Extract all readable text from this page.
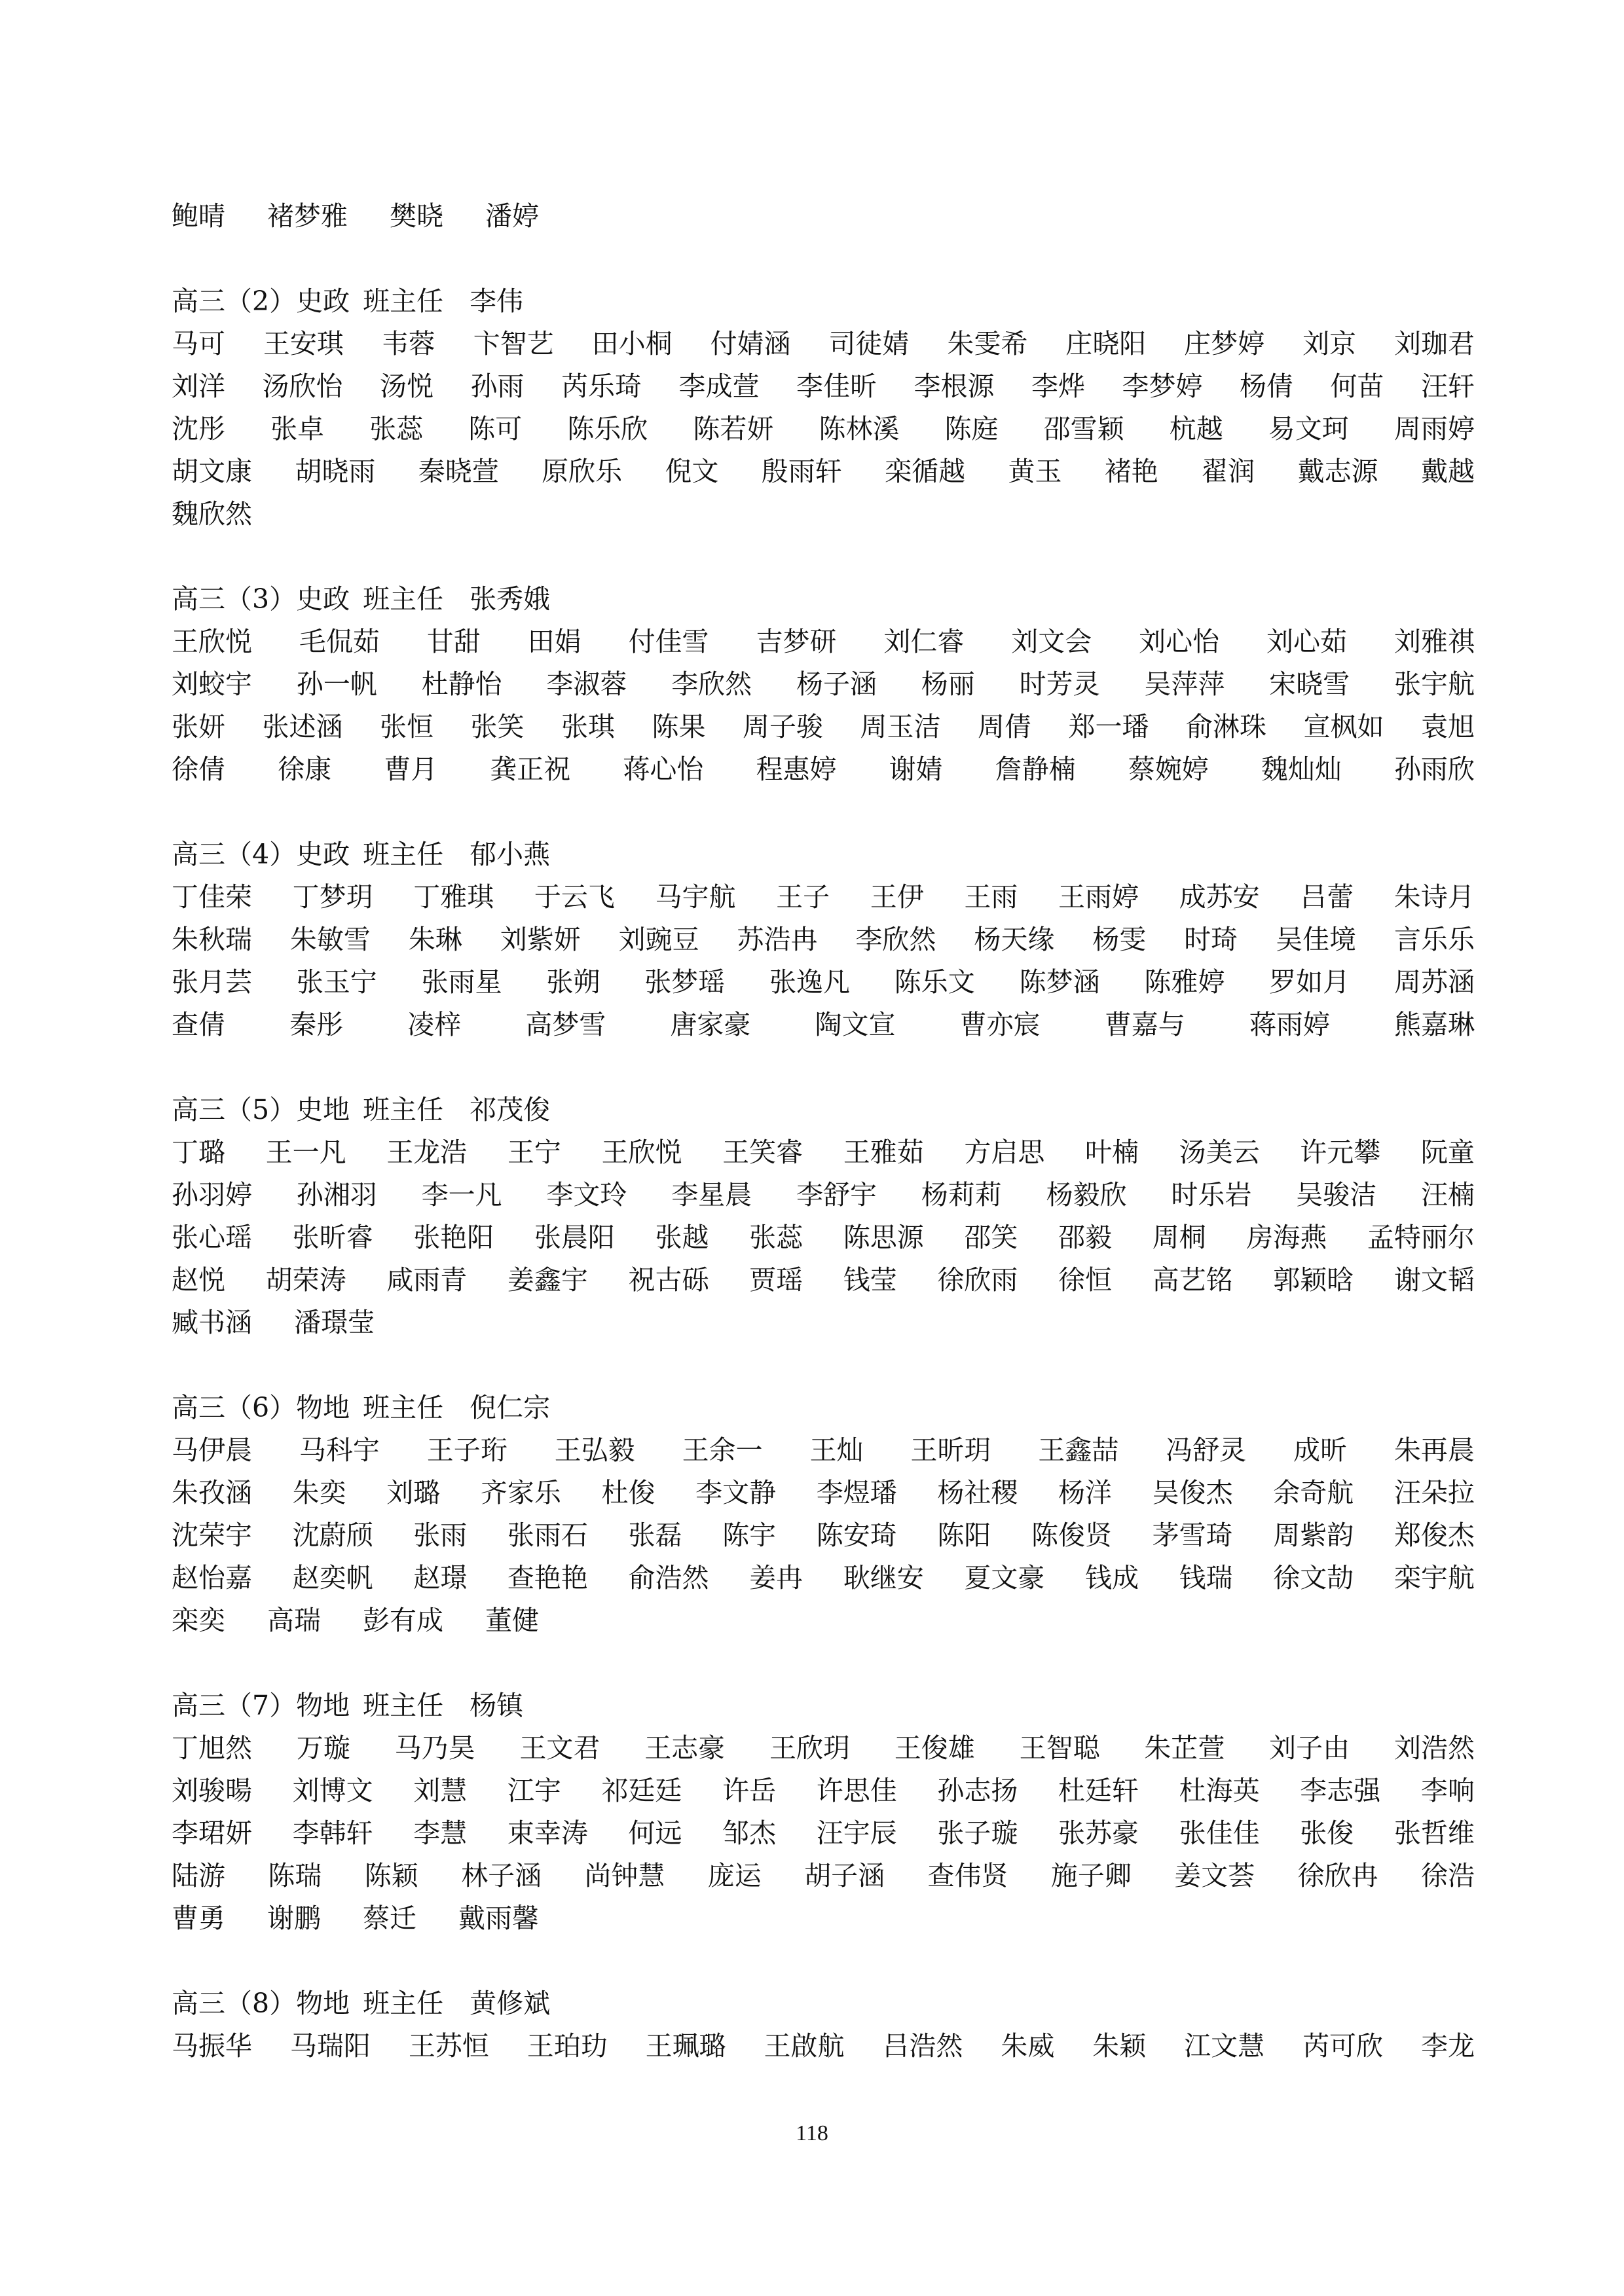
鲍晴 褚梦雅 樊晓 潘婷
高三（2）史政 班主任 李伟
马可 王安琪 韦蓉 卞智艺 田小桐 付婧涵 司徒婧 朱雯希 庄晓阳 庄梦婷 刘京 刘珈君
刘洋 汤欣怡 汤悦 孙雨 芮乐琦 李成萱 李佳昕 李根源 李烨 李梦婷 杨倩 何苗 汪轩
沈彤 张卓 张蕊 陈可 陈乐欣 陈若妍 陈林溪 陈庭 邵雪颖 杭越 易文珂 周雨婷
胡文康 胡晓雨 秦晓萱 原欣乐 倪文 殷雨轩 栾循越 黄玉 褚艳 翟润 戴志源 戴越
魏欣然
高三（3）史政 班主任 张秀娥
王欣悦 毛侃茹 甘甜 田娟 付佳雪 吉梦研 刘仁睿 刘文会 刘心怡 刘心茹 刘雅祺
刘蛟宇 孙一帆 杜静怡 李淑蓉 李欣然 杨子涵 杨丽 时芳灵 吴萍萍 宋晓雪 张宇航
张妍 张述涵 张恒 张笑 张琪 陈果 周子骏 周玉洁 周倩 郑一璠 俞淋珠 宣枫如 袁旭
徐倩 徐康 曹月 龚正祝 蒋心怡 程惠婷 谢婧 詹静楠 蔡婉婷 魏灿灿 孙雨欣
高三（4）史政 班主任 郁小燕
丁佳荣 丁梦玥 丁雅琪 于云飞 马宇航 王子 王伊 王雨 王雨婷 成苏安 吕蕾 朱诗月
朱秋瑞 朱敏雪 朱琳 刘紫妍 刘豌豆 苏浩冉 李欣然 杨天缘 杨雯 时琦 吴佳境 言乐乐
张月芸 张玉宁 张雨星 张朔 张梦瑶 张逸凡 陈乐文 陈梦涵 陈雅婷 罗如月 周苏涵
查倩 秦彤 凌梓 高梦雪 唐家豪 陶文宣 曹亦宸 曹嘉与 蒋雨婷 熊嘉琳
高三（5）史地 班主任 祁茂俊
丁璐 王一凡 王龙浩 王宁 王欣悦 王笑睿 王雅茹 方启思 叶楠 汤美云 许元攀 阮童
孙羽婷 孙湘羽 李一凡 李文玲 李星晨 李舒宇 杨莉莉 杨毅欣 时乐岩 吴骏洁 汪楠
张心瑶 张昕睿 张艳阳 张晨阳 张越 张蕊 陈思源 邵笑 邵毅 周桐 房海燕 孟特丽尔
赵悦 胡荣涛 咸雨青 姜鑫宇 祝古砾 贾瑶 钱莹 徐欣雨 徐恒 高艺铭 郭颖晗 谢文韬
臧书涵 潘璟莹
高三（6）物地 班主任 倪仁宗
马伊晨 马科宇 王子珩 王弘毅 王余一 王灿 王昕玥 王鑫喆 冯舒灵 成昕 朱再晨
朱孜涵 朱奕 刘璐 齐家乐 杜俊 李文静 李煜璠 杨社稷 杨洋 吴俊杰 余奇航 汪朵拉
沈荣宇 沈蔚颀 张雨 张雨石 张磊 陈宇 陈安琦 陈阳 陈俊贤 茅雪琦 周紫韵 郑俊杰
赵怡嘉 赵奕帆 赵璟 查艳艳 俞浩然 姜冉 耿继安 夏文豪 钱成 钱瑞 徐文劼 栾宇航
栾奕 高瑞 彭有成 董健
高三（7）物地 班主任 杨镇
丁旭然 万璇 马乃昊 王文君 王志豪 王欣玥 王俊雄 王智聪 朱芷萱 刘子由 刘浩然
刘骏暘 刘博文 刘慧 江宇 祁廷廷 许岳 许思佳 孙志扬 杜廷轩 杜海英 李志强 李响
李珺妍 李韩轩 李慧 束幸涛 何远 邹杰 汪宇辰 张子璇 张苏豪 张佳佳 张俊 张哲维
陆游 陈瑞 陈颖 林子涵 尚钟慧 庞运 胡子涵 查伟贤 施子卿 姜文荟 徐欣冉 徐浩
曹勇 谢鹏 蔡迁 戴雨馨
高三（8）物地 班主任 黄修斌
马振华 马瑞阳 王苏恒 王珀玏 王珮璐 王啟航 吕浩然 朱威 朱颖 江文慧 芮可欣 李龙
118
